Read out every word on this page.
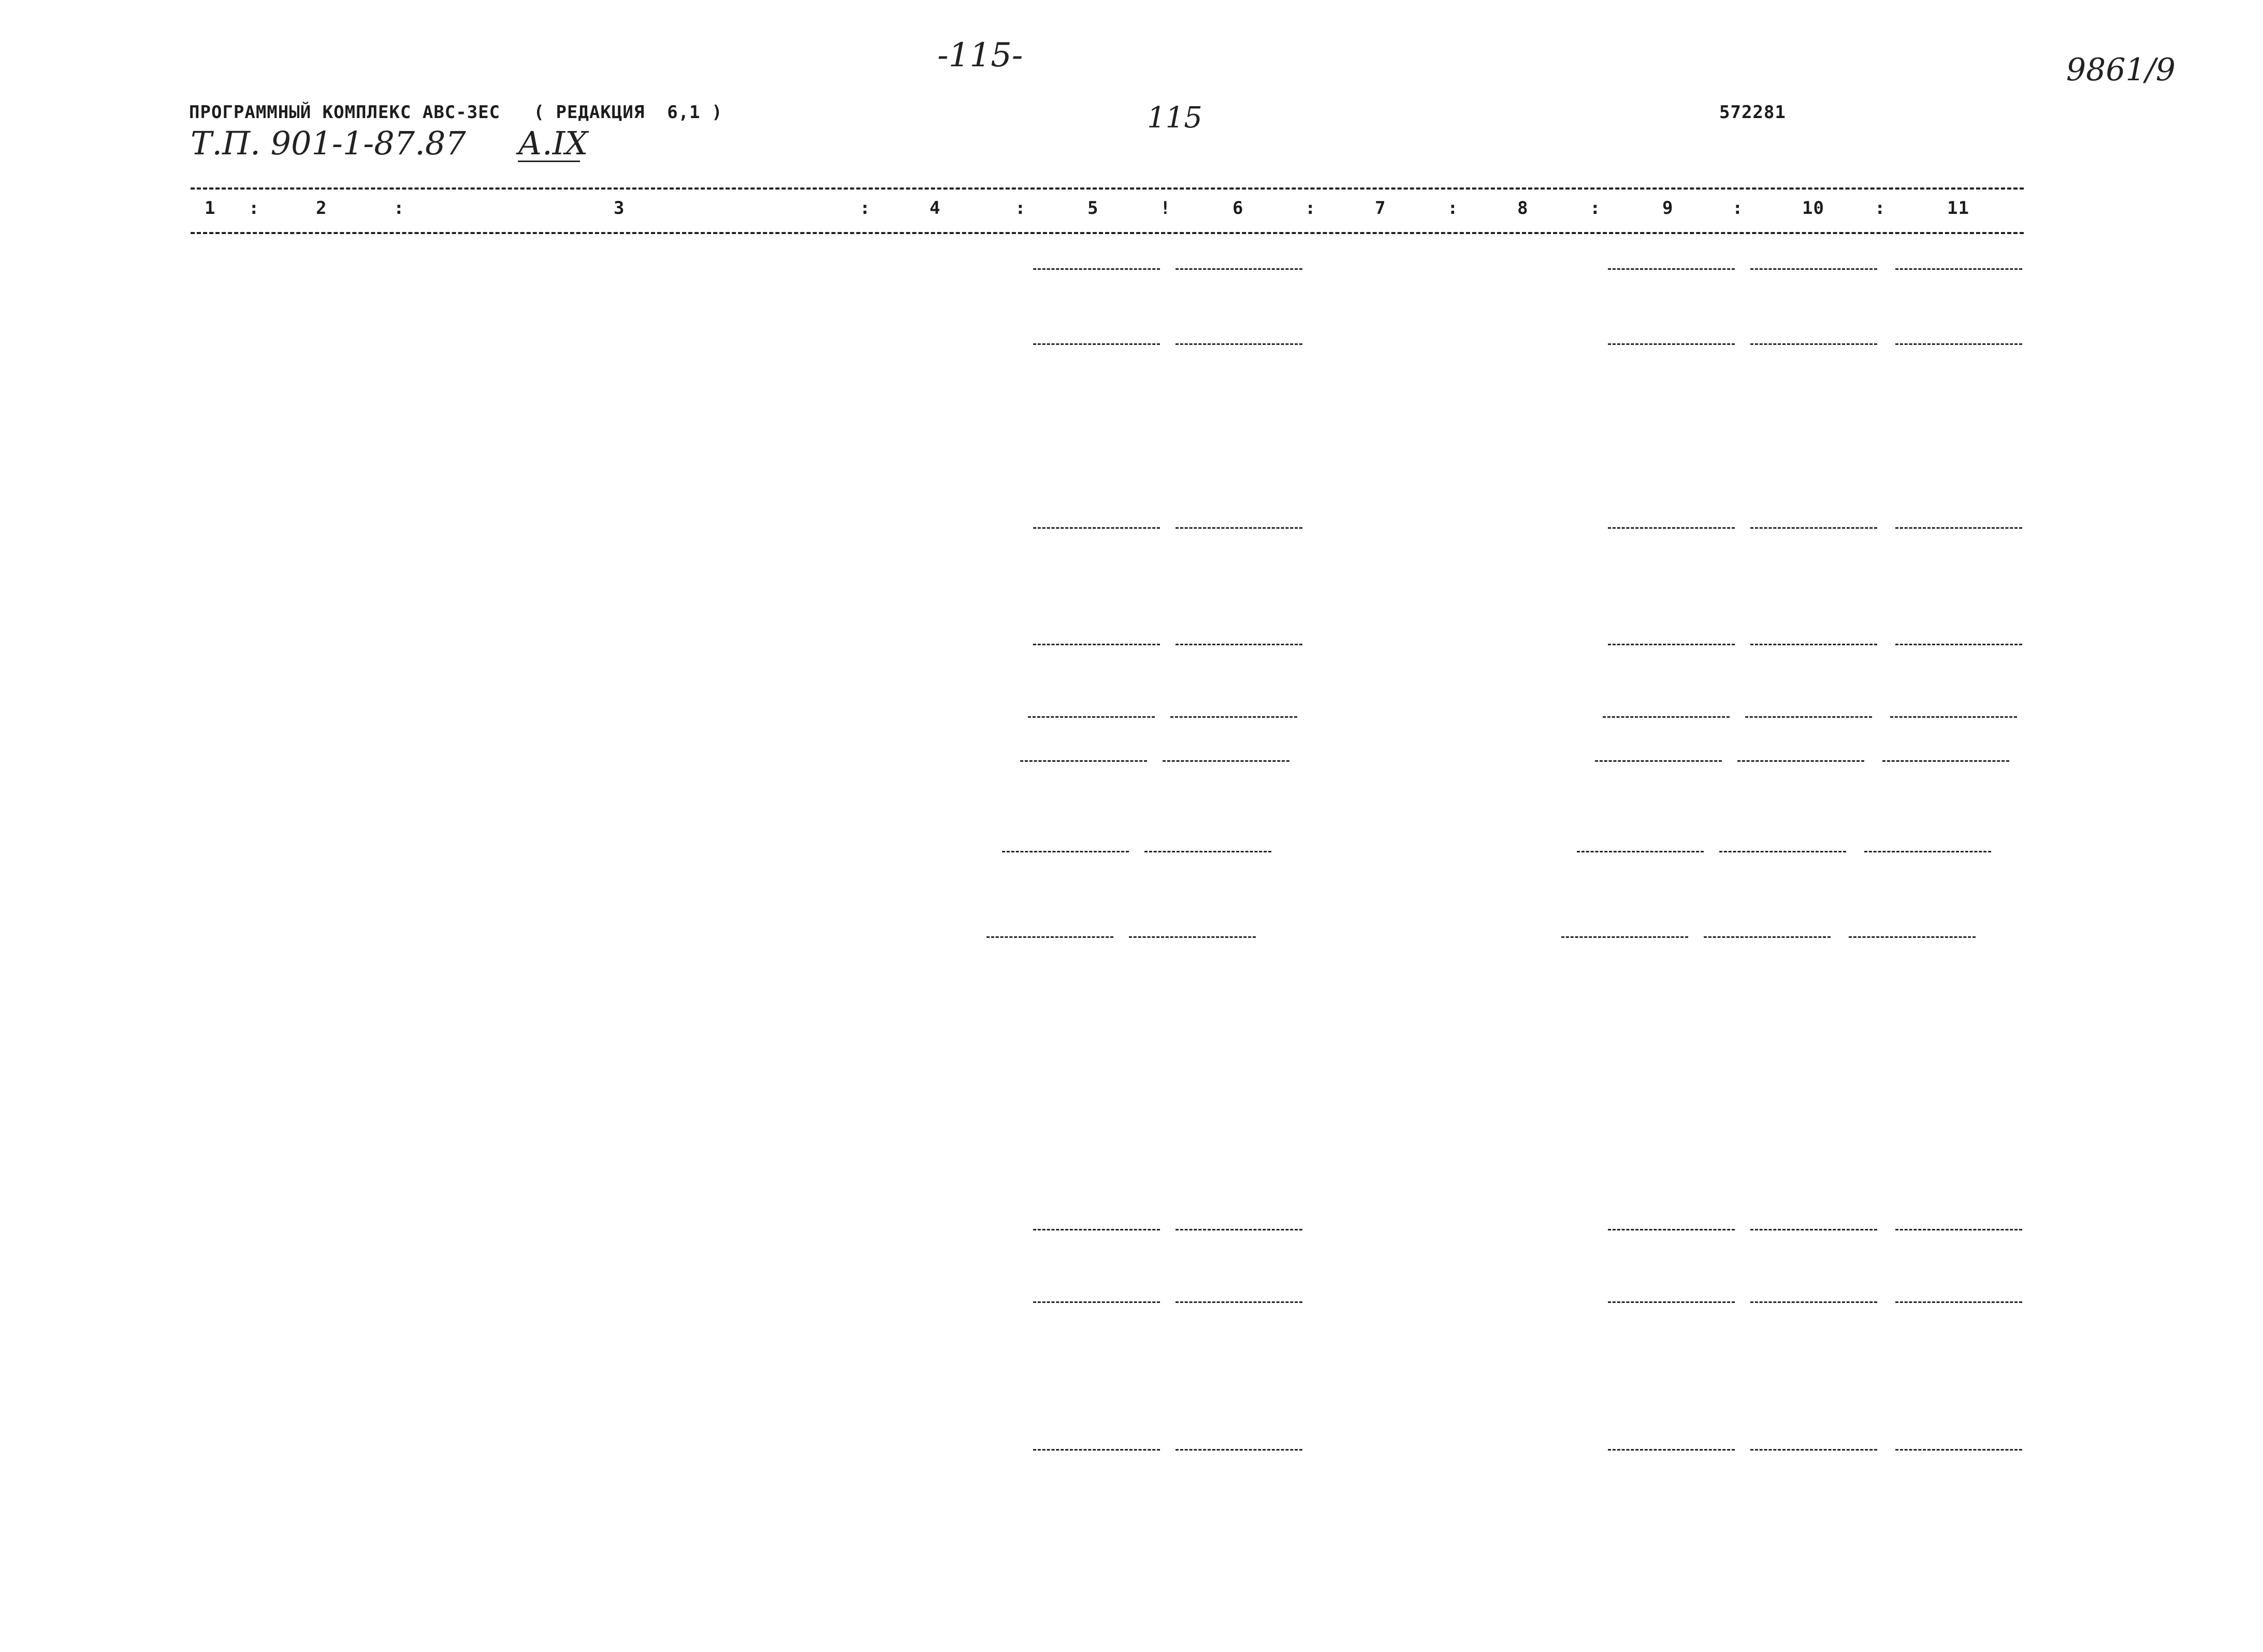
-115-	9861/9
ПРОГРАММНЫЙ КОМПЛЕКС АВС-3ЕС   ( РЕДАКЦИЯ  6,1 )	115	572281
Т.П. 901-1-87.87 А.IX
1	2	3	4	5	6	7	8	9	10	11
:	:	:	:	!	:	:	:	:	:
